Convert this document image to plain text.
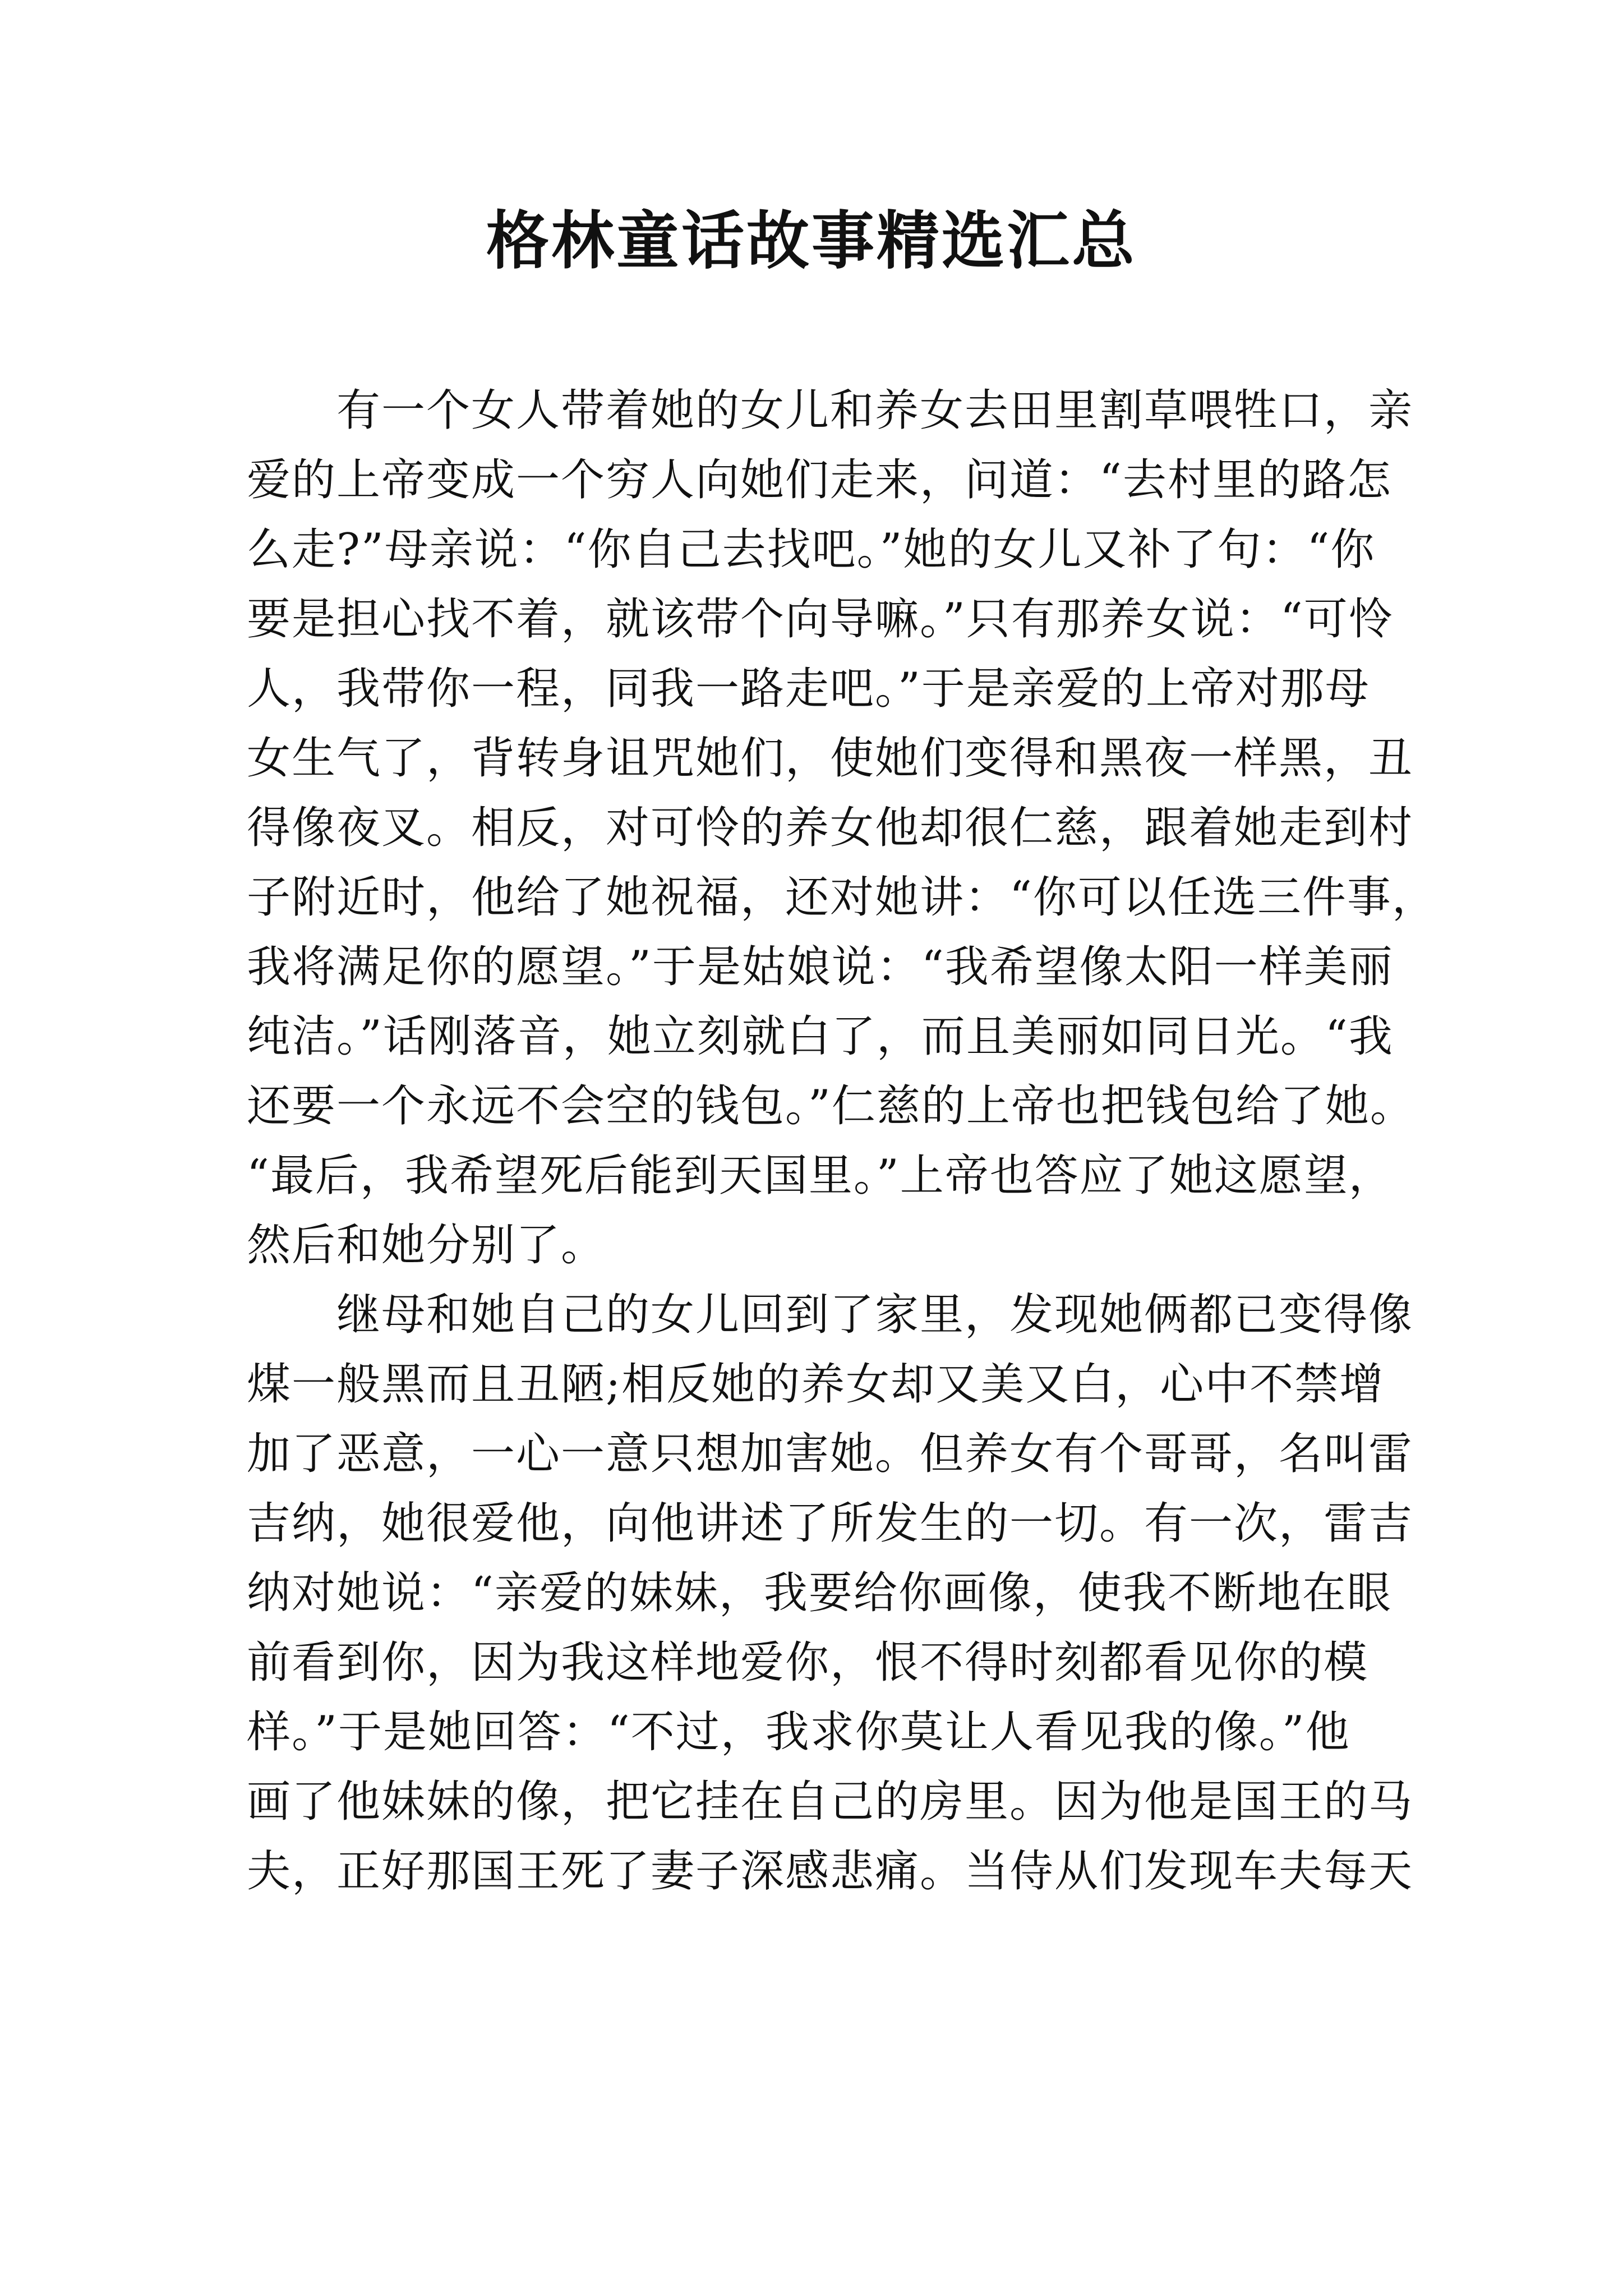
格林童话故事精选汇总
有一个女人带着她的女儿和养女去田里割草喂牲口，亲
爱的上帝变成一个穷人向她们走来，问道：“去村里的路怎
么走?”母亲说：“你自己去找吧。”她的女儿又补了句：“你
要是担心找不着，就该带个向导嘛。”只有那养女说：“可怜
人，我带你一程，同我一路走吧。”于是亲爱的上帝对那母
女生气了，背转身诅咒她们，使她们变得和黑夜一样黑，丑
得像夜叉。相反，对可怜的养女他却很仁慈，跟着她走到村
子附近时，他给了她祝福，还对她讲：“你可以任选三件事，
我将满足你的愿望。”于是姑娘说：“我希望像太阳一样美丽
纯洁。”话刚落音，她立刻就白了，而且美丽如同日光。“我
还要一个永远不会空的钱包。”仁慈的上帝也把钱包给了她。
“最后，我希望死后能到天国里。”上帝也答应了她这愿望，
然后和她分别了。
继母和她自己的女儿回到了家里，发现她俩都已变得像
煤一般黑而且丑陋;相反她的养女却又美又白，心中不禁增
加了恶意，一心一意只想加害她。但养女有个哥哥，名叫雷
吉纳，她很爱他，向他讲述了所发生的一切。有一次，雷吉
纳对她说：“亲爱的妹妹，我要给你画像，使我不断地在眼
前看到你，因为我这样地爱你，恨不得时刻都看见你的模
样。”于是她回答：“不过，我求你莫让人看见我的像。”他
画了他妹妹的像，把它挂在自己的房里。因为他是国王的马
夫，正好那国王死了妻子深感悲痛。当侍从们发现车夫每天
